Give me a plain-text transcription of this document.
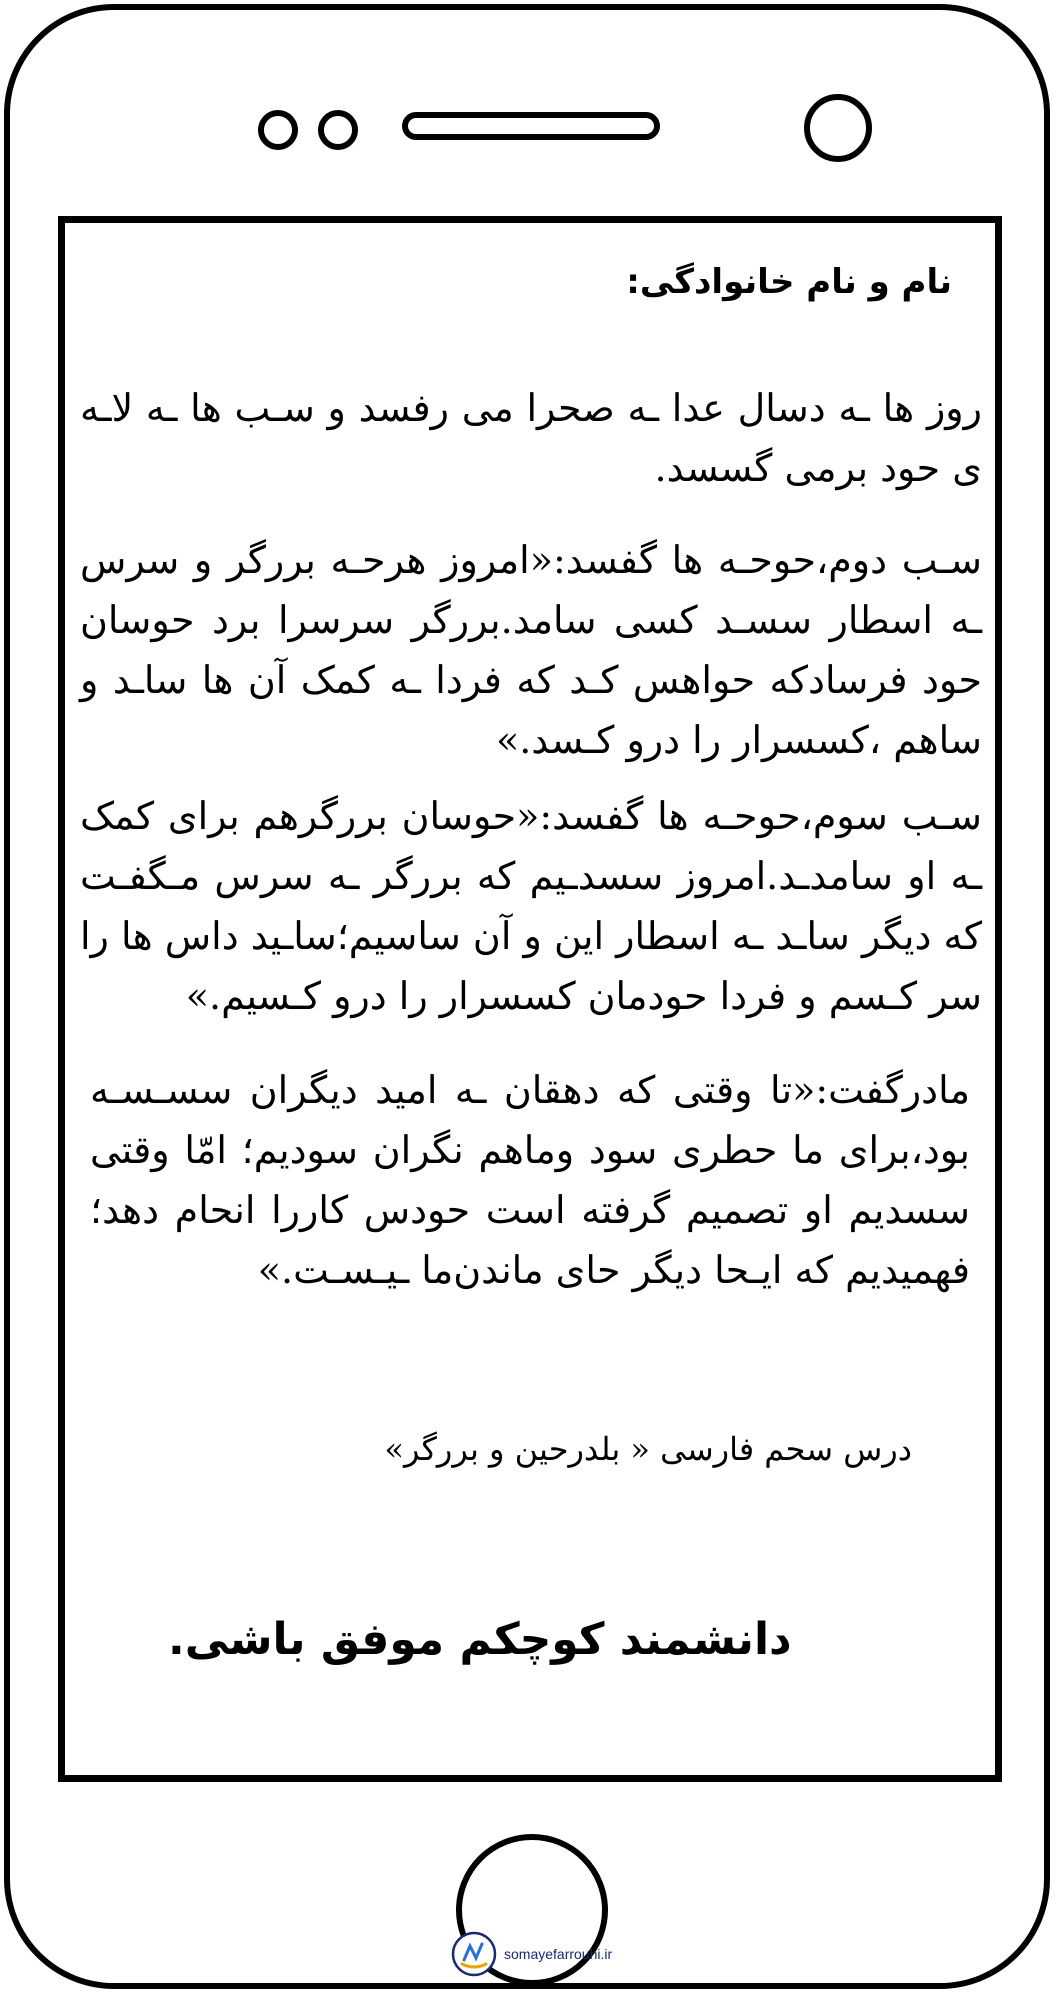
نام و نام خانوادگی:
روز ها ـه دسال عدا ـه صحرا می رفسد و سـب ها ـه لاـه ی حود برمی گسسد.
سـب دوم،حوحـه ها گفسد:«امروز هرحـه بررگر و سرس ـه اسطار سسـد کسی سامد.بررگر سرسرا برد حوسان حود فرسادکه حواهس کـد که فردا ـه کمک آن ها ساـد و ساهم ،کسسرار را درو کـسد.»
سـب سوم،حوحـه ها گفسد:«حوسان بررگرهم برای کمک ـه او سامدـد.امروز سسدـیم که بررگر ـه سرس مـگفـت که دیگر ساـد ـه اسطار این و آن ساسیم؛ساـید داس ها را سر کـسم و فردا حودمان کسسرار را درو کـسیم.»
مادرگفت:«تا وقتی که دهقان ـه امید دیگران سسـسـه بود،برای ما حطری سود وماهم نگران سودیم؛ امّا وقتی سسدیم او تصمیم گرفته است حودس کاررا انحام دهد؛فهمیدیم که ایـحا دیگر حای ماندن‌ما ـیـسـت.»
درس سحم فارسی « بلدرحین و بررگر»
دانشمند کوچکم موفق باشی.
somayefarrouhi.ir
